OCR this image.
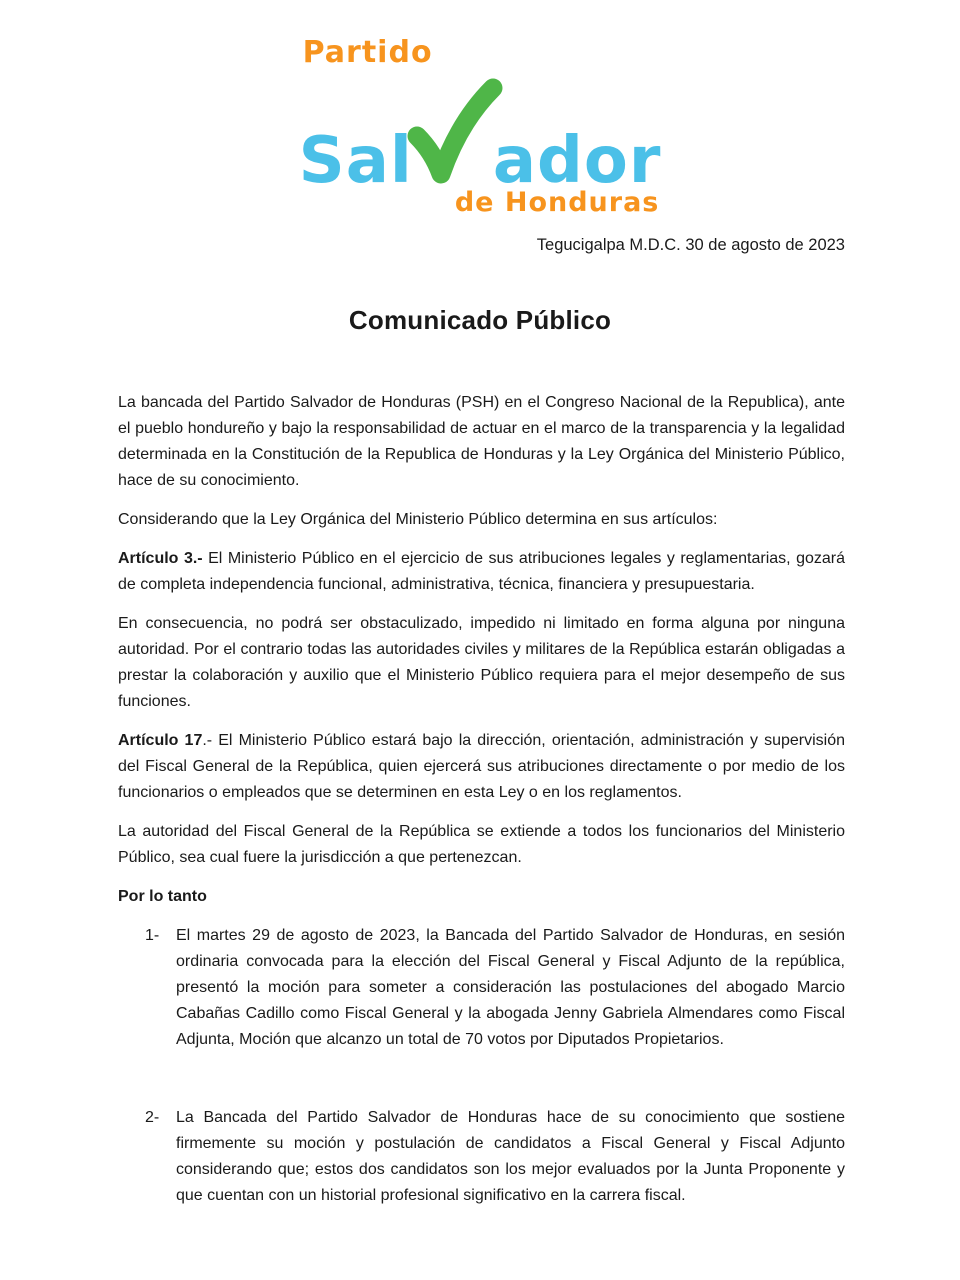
Partido
Sal ador
de Honduras
Tegucigalpa M.D.C. 30 de agosto de 2023
Comunicado Público

La bancada del Partido Salvador de Honduras (PSH) en el Congreso Nacional de la Republica), ante el pueblo hondureño y bajo la responsabilidad de actuar en el marco de la transparencia y la legalidad determinada en la Constitución de la Republica de Honduras y la Ley Orgánica del Ministerio Público, hace de su conocimiento.

Considerando que la Ley Orgánica del Ministerio Público determina en sus artículos:

Artículo 3.- El Ministerio Público en el ejercicio de sus atribuciones legales y reglamentarias, gozará de completa independencia funcional, administrativa, técnica, financiera y presupuestaria.

En consecuencia, no podrá ser obstaculizado, impedido ni limitado en forma alguna por ninguna autoridad. Por el contrario todas las autoridades civiles y militares de la República estarán obligadas a prestar la colaboración y auxilio que el Ministerio Público requiera para el mejor desempeño de sus funciones.

Artículo 17.- El Ministerio Público estará bajo la dirección, orientación, administración y supervisión del Fiscal General de la República, quien ejercerá sus atribuciones directamente o por medio de los funcionarios o empleados que se determinen en esta Ley o en los reglamentos.

La autoridad del Fiscal General de la República se extiende a todos los funcionarios del Ministerio Público, sea cual fuere la jurisdicción a que pertenezcan.

Por lo tanto

1-	El martes 29 de agosto de 2023, la Bancada del Partido Salvador de Honduras, en sesión ordinaria convocada para la elección del Fiscal General y Fiscal Adjunto de la república, presentó la moción para someter a consideración las postulaciones del abogado Marcio Cabañas Cadillo como Fiscal General y la abogada Jenny Gabriela Almendares como Fiscal Adjunta, Moción que alcanzo un total de 70 votos por Diputados Propietarios.
2-	La Bancada del Partido Salvador de Honduras hace de su conocimiento que sostiene firmemente su moción y postulación de candidatos a Fiscal General y Fiscal Adjunto considerando que; estos dos candidatos son los mejor evaluados por la Junta Proponente y que cuentan con un historial profesional significativo en la carrera fiscal.
